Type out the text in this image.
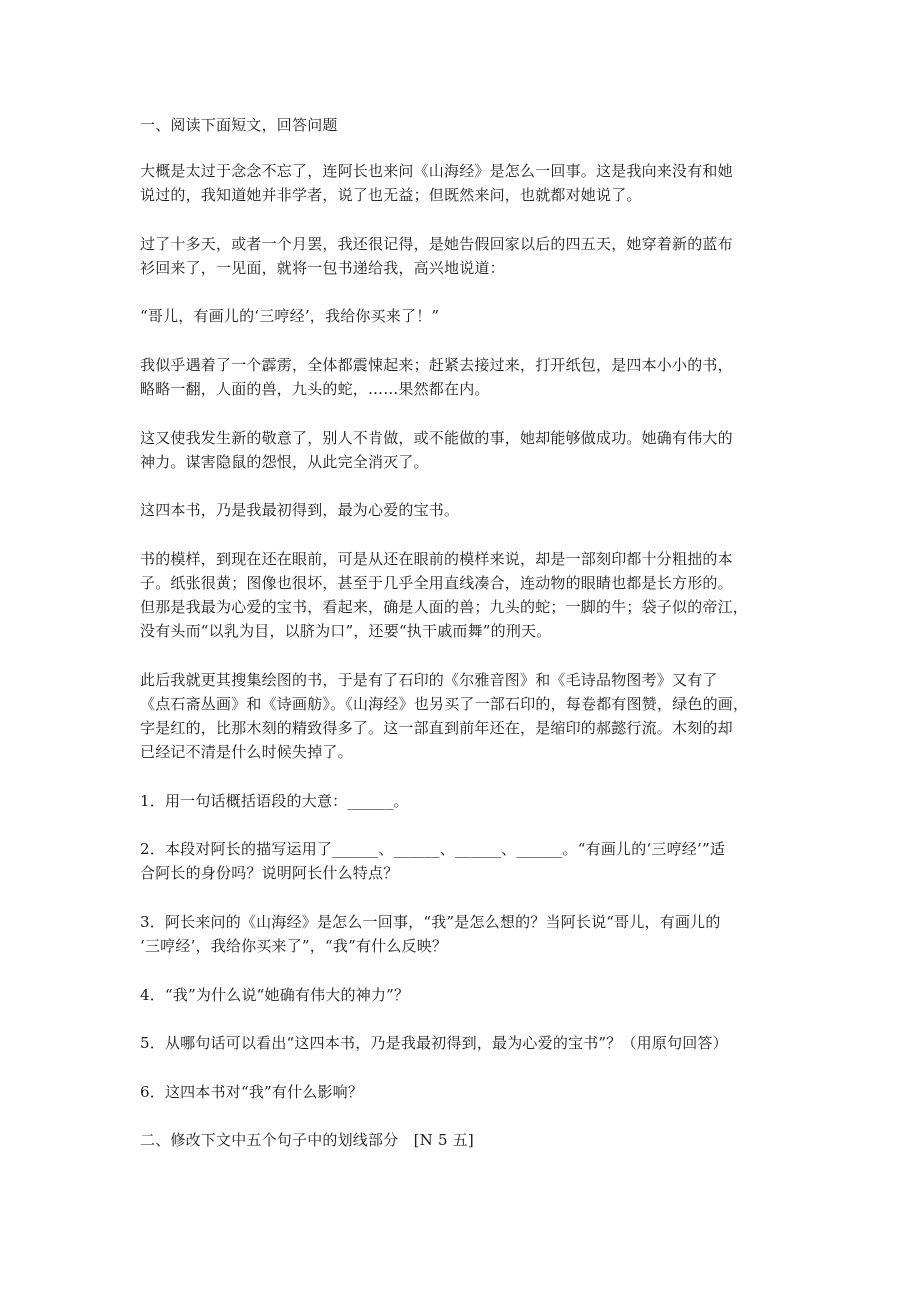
一、阅读下面短文，回答问题
大概是太过于念念不忘了，连阿长也来问《山海经》是怎么一回事。这是我向来没有和她
说过的，我知道她并非学者，说了也无益；但既然来问，也就都对她说了。
过了十多天，或者一个月罢，我还很记得，是她告假回家以后的四五天，她穿着新的蓝布
衫回来了，一见面，就将一包书递给我，高兴地说道：
“哥儿，有画儿的‘三哼经’，我给你买来了！”
我似乎遇着了一个霹雳，全体都震悚起来；赶紧去接过来，打开纸包，是四本小小的书，
略略一翻，人面的兽，九头的蛇，……果然都在内。
这又使我发生新的敬意了，别人不肯做，或不能做的事，她却能够做成功。她确有伟大的
神力。谋害隐鼠的怨恨，从此完全消灭了。
这四本书，乃是我最初得到，最为心爱的宝书。
书的模样，到现在还在眼前，可是从还在眼前的模样来说，却是一部刻印都十分粗拙的本
子。纸张很黄；图像也很坏，甚至于几乎全用直线凑合，连动物的眼睛也都是长方形的。
但那是我最为心爱的宝书，看起来，确是人面的兽；九头的蛇；一脚的牛；袋子似的帝江，
没有头而“以乳为目，以脐为口”，还要“执干戚而舞”的刑天。
此后我就更其搜集绘图的书，于是有了石印的《尔雅音图》和《毛诗品物图考》又有了
《点石斋丛画》和《诗画舫》。《山海经》也另买了一部石印的，每卷都有图赞，绿色的画，
字是红的，比那木刻的精致得多了。这一部直到前年还在，是缩印的郝懿行流。木刻的却
已经记不清是什么时候失掉了。
1．用一句话概括语段的大意：______。
2．本段对阿长的描写运用了______、______、______、______。“有画儿的‘三哼经’”适
合阿长的身份吗？说明阿长什么特点？
3．阿长来问的《山海经》是怎么一回事，“我”是怎么想的？当阿长说“哥儿，有画儿的
‘三哼经’，我给你买来了”，“我”有什么反映？
4．“我”为什么说“她确有伟大的神力”？
5．从哪句话可以看出“这四本书，乃是我最初得到，最为心爱的宝书”？（用原句回答）
6．这四本书对“我”有什么影响？
二、修改下文中五个句子中的划线部分　[N 5 五]
